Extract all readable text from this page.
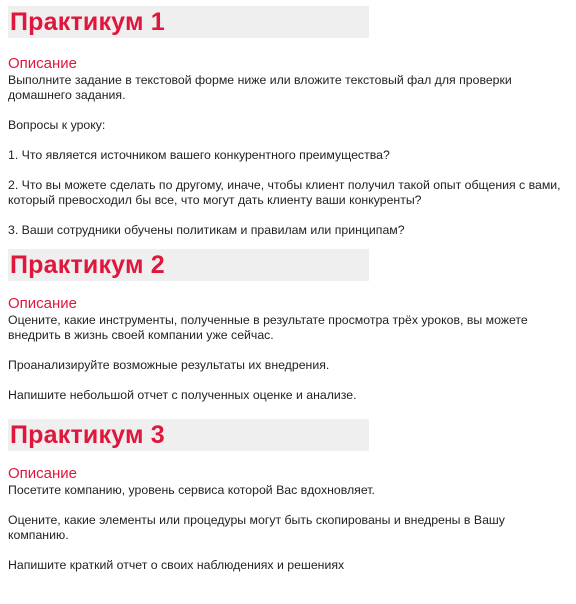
Практикум 1
Описание

Выполните задание в текстовой форме ниже или вложите текстовый фал для проверки домашнего задания.

Вопросы к уроку:

1. Что является источником вашего конкурентного преимущества?

2. Что вы можете сделать по другому, иначе, чтобы клиент получил такой опыт общения с вами, который превосходил бы все, что могут дать клиенту ваши конкуренты?

3. Ваши сотрудники обучены политикам и правилам или принципам?

Практикум 2
Описание

Оцените, какие инструменты, полученные в результате просмотра трёх уроков, вы можете внедрить в жизнь своей компании уже сейчас.

Проанализируйте возможные результаты их внедрения.

Напишите небольшой отчет с полученных оценке и анализе.

Практикум 3
Описание

Посетите компанию, уровень сервиса которой Вас вдохновляет.

Оцените, какие элементы или процедуры могут быть скопированы и внедрены в Вашу компанию.

Напишите краткий отчет о своих наблюдениях и решениях
